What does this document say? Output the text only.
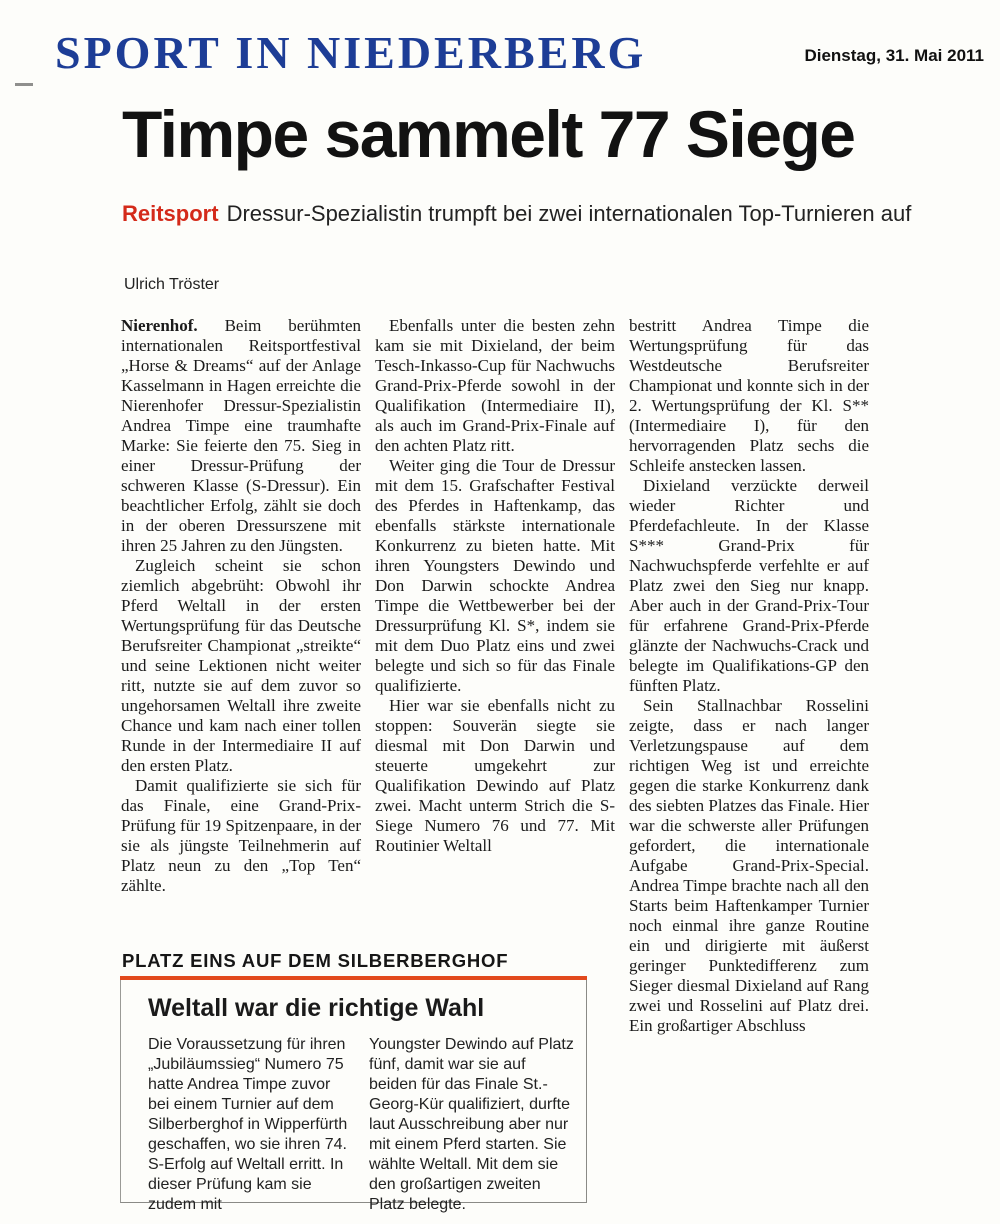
SPORT IN NIEDERBERG	Dienstag, 31. Mai 2011
Timpe sammelt 77 Siege
Reitsport Dressur-Spezialistin trumpft bei zwei internationalen Top-Turnieren auf
Ulrich Tröster

Nierenhof. Beim berühmten internationalen Reitsportfestival „Horse & Dreams“ auf der Anlage Kasselmann in Hagen erreichte die Nierenhofer Dressur-Spezialistin Andrea Timpe eine traumhafte Marke: Sie feierte den 75. Sieg in einer Dressur-Prüfung der schweren Klasse (S-Dressur). Ein beachtlicher Erfolg, zählt sie doch in der oberen Dressurszene mit ihren 25 Jahren zu den Jüngsten.

Zugleich scheint sie schon ziemlich abgebrüht: Obwohl ihr Pferd Weltall in der ersten Wertungsprüfung für das Deutsche Berufsreiter Championat „streikte“ und seine Lektionen nicht weiter ritt, nutzte sie auf dem zuvor so ungehorsamen Weltall ihre zweite Chance und kam nach einer tollen Runde in der Intermediaire II auf den ersten Platz.

Damit qualifizierte sie sich für das Finale, eine Grand-Prix-Prüfung für 19 Spitzenpaare, in der sie als jüngste Teilnehmerin auf Platz neun zu den „Top Ten“ zählte.

Ebenfalls unter die besten zehn kam sie mit Dixieland, der beim Tesch-Inkasso-Cup für Nachwuchs Grand-Prix-Pferde sowohl in der Qualifikation (Intermediaire II), als auch im Grand-Prix-Finale auf den achten Platz ritt.

Weiter ging die Tour de Dressur mit dem 15. Grafschafter Festival des Pferdes in Haftenkamp, das ebenfalls stärkste internationale Konkurrenz zu bieten hatte. Mit ihren Youngsters Dewindo und Don Darwin schockte Andrea Timpe die Wettbewerber bei der Dressurprüfung Kl. S*, indem sie mit dem Duo Platz eins und zwei belegte und sich so für das Finale qualifizierte.

Hier war sie ebenfalls nicht zu stoppen: Souverän siegte sie diesmal mit Don Darwin und steuerte umgekehrt zur Qualifikation Dewindo auf Platz zwei. Macht unterm Strich die S-Siege Numero 76 und 77. Mit Routinier Weltall

bestritt Andrea Timpe die Wertungsprüfung für das Westdeutsche Berufsreiter Championat und konnte sich in der 2. Wertungsprüfung der Kl. S** (Intermediaire I), für den hervorragenden Platz sechs die Schleife anstecken lassen.

Dixieland verzückte derweil wieder Richter und Pferdefachleute. In der Klasse S*** Grand-Prix für Nachwuchspferde verfehlte er auf Platz zwei den Sieg nur knapp. Aber auch in der Grand-Prix-Tour für erfahrene Grand-Prix-Pferde glänzte der Nachwuchs-Crack und belegte im Qualifikations-GP den fünften Platz.

Sein Stallnachbar Rosselini zeigte, dass er nach langer Verletzungspause auf dem richtigen Weg ist und erreichte gegen die starke Konkurrenz dank des siebten Platzes das Finale. Hier war die schwerste aller Prüfungen gefordert, die internationale Aufgabe Grand-Prix-Special. Andrea Timpe brachte nach all den Starts beim Haftenkamper Turnier noch einmal ihre ganze Routine ein und dirigierte mit äußerst geringer Punktedifferenz zum Sieger diesmal Dixieland auf Rang zwei und Rosselini auf Platz drei. Ein großartiger Abschluss

PLATZ EINS AUF DEM SILBERBERGHOF
Weltall war die richtige Wahl

Die Voraussetzung für ihren „Jubiläumssieg“ Numero 75 hatte Andrea Timpe zuvor bei einem Turnier auf dem Silberberghof in Wipperfürth geschaffen, wo sie ihren 74. S-Erfolg auf Weltall erritt. In dieser Prüfung kam sie zudem mit

Youngster Dewindo auf Platz fünf, damit war sie auf beiden für das Finale St.-Georg-Kür qualifiziert, durfte laut Ausschreibung aber nur mit einem Pferd starten. Sie wählte Weltall. Mit dem sie den großartigen zweiten Platz belegte.
